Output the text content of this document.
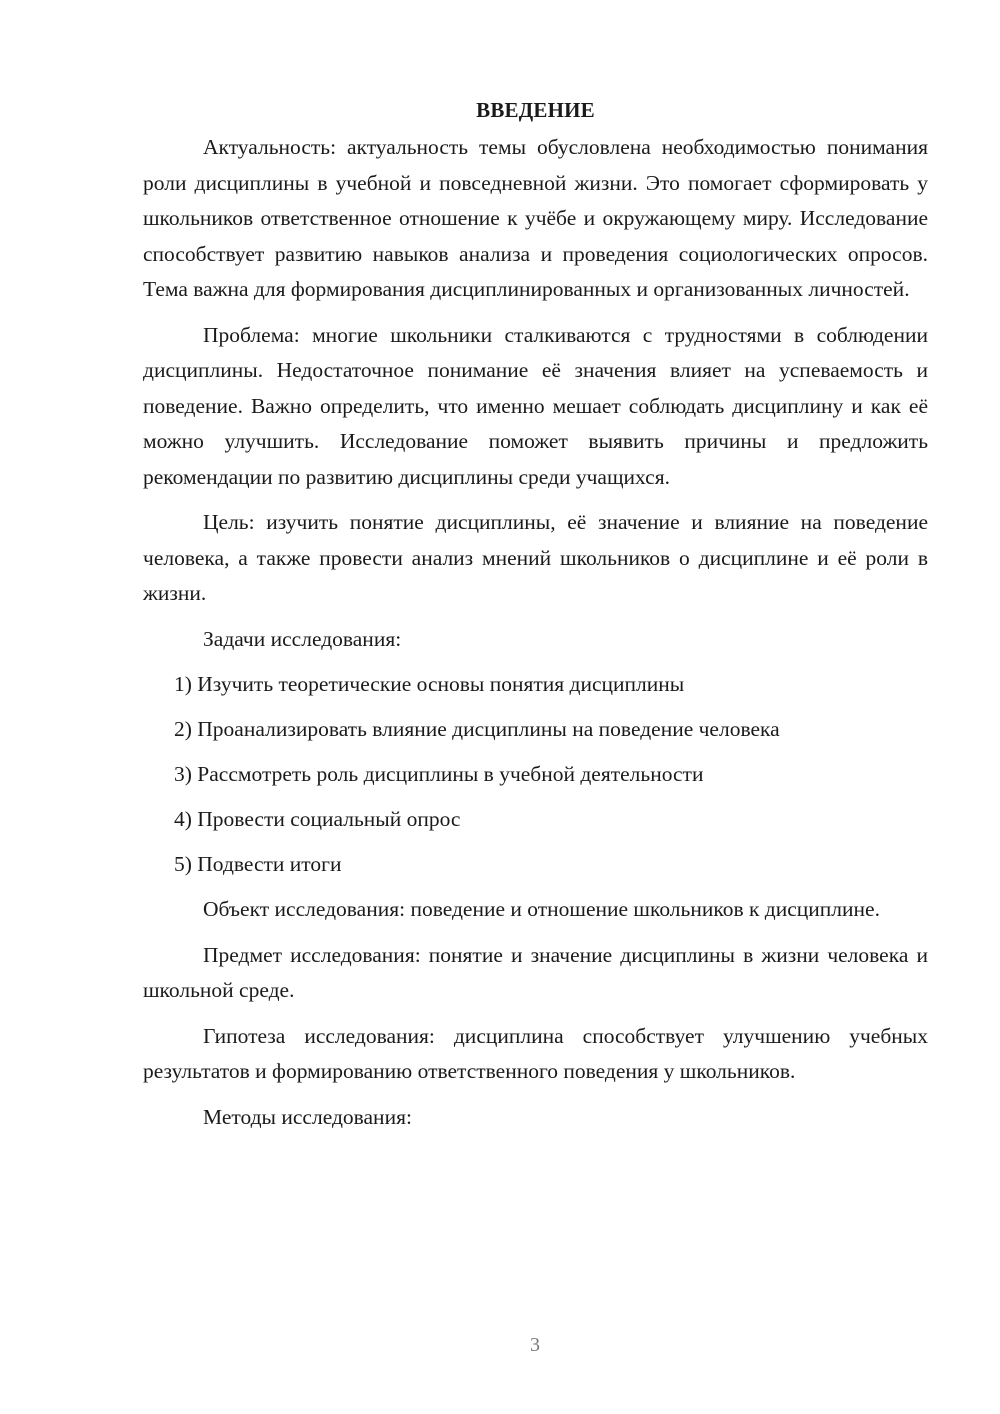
ВВЕДЕНИЕ

Актуальность: актуальность темы обусловлена необходимостью понимания роли дисциплины в учебной и повседневной жизни. Это помогает сформировать у школьников ответственное отношение к учёбе и окружающему миру. Исследование способствует развитию навыков анализа и проведения социологических опросов. Тема важна для формирования дисциплинированных и организованных личностей.

Проблема: многие школьники сталкиваются с трудностями в соблюдении дисциплины. Недостаточное понимание её значения влияет на успеваемость и поведение. Важно определить, что именно мешает соблюдать дисциплину и как её можно улучшить. Исследование поможет выявить причины и предложить рекомендации по развитию дисциплины среди учащихся.

Цель: изучить понятие дисциплины, её значение и влияние на поведение человека, а также провести анализ мнений школьников о дисциплине и её роли в жизни.

Задачи исследования:

1) Изучить теоретические основы понятия дисциплины
2) Проанализировать влияние дисциплины на поведение человека
3) Рассмотреть роль дисциплины в учебной деятельности
4) Провести социальный опрос
5) Подвести итоги

Объект исследования: поведение и отношение школьников к дисциплине.

Предмет исследования: понятие и значение дисциплины в жизни человека и школьной среде.

Гипотеза исследования: дисциплина способствует улучшению учебных результатов и формированию ответственного поведения у школьников.

Методы исследования:

3
